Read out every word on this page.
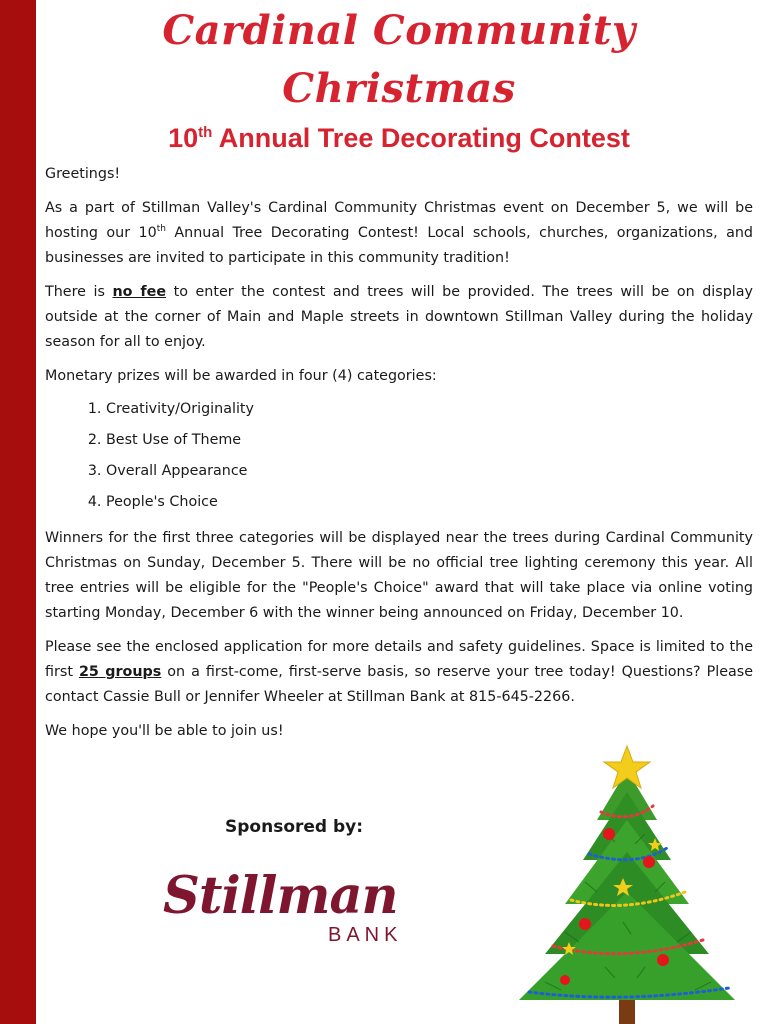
Cardinal Community Christmas
10th Annual Tree Decorating Contest

Greetings!

As a part of Stillman Valley's Cardinal Community Christmas event on December 5, we will be hosting our 10th Annual Tree Decorating Contest! Local schools, churches, organizations, and businesses are invited to participate in this community tradition!

There is no fee to enter the contest and trees will be provided. The trees will be on display outside at the corner of Main and Maple streets in downtown Stillman Valley during the holiday season for all to enjoy.

Monetary prizes will be awarded in four (4) categories:

1. Creativity/Originality
2. Best Use of Theme
3. Overall Appearance
4. People's Choice

Winners for the first three categories will be displayed near the trees during Cardinal Community Christmas on Sunday, December 5. There will be no official tree lighting ceremony this year. All tree entries will be eligible for the "People's Choice" award that will take place via online voting starting Monday, December 6 with the winner being announced on Friday, December 10.

Please see the enclosed application for more details and safety guidelines. Space is limited to the first 25 groups on a first-come, first-serve basis, so reserve your tree today! Questions? Please contact Cassie Bull or Jennifer Wheeler at Stillman Bank at 815-645-2266.

We hope you'll be able to join us!

Sponsored by:
Stillman
BANK
